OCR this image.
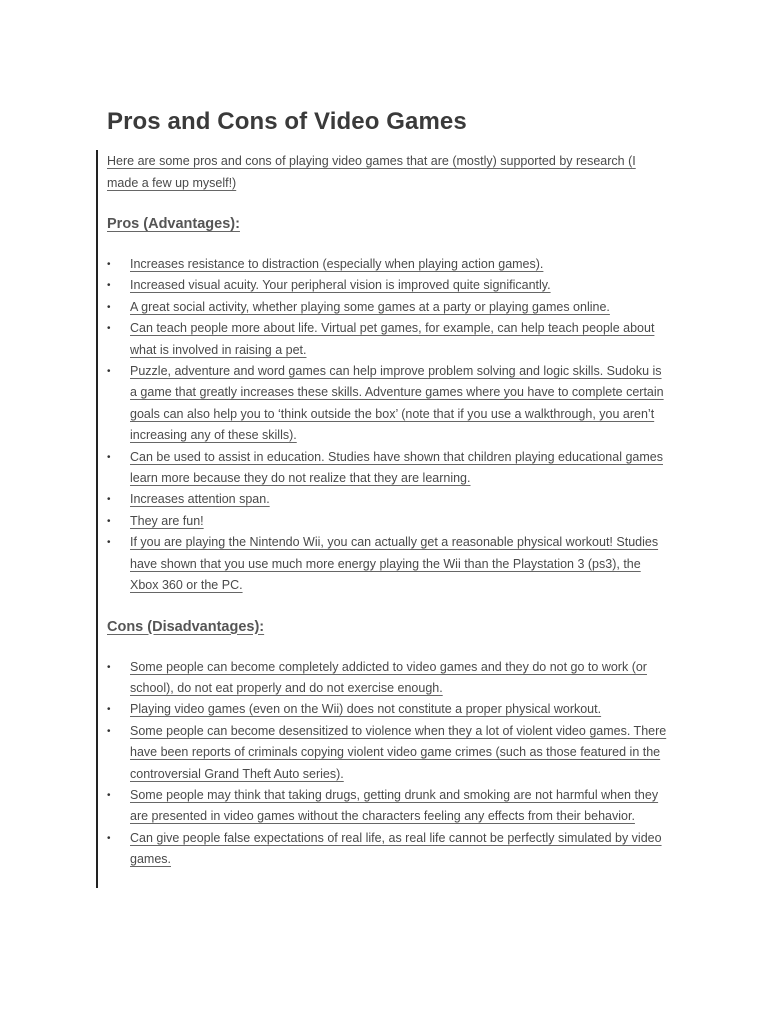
Pros and Cons of Video Games

Here are some pros and cons of playing video games that are (mostly) supported by research (I made a few up myself!)

Pros (Advantages):
• Increases resistance to distraction (especially when playing action games).
• Increased visual acuity. Your peripheral vision is improved quite significantly.
• A great social activity, whether playing some games at a party or playing games online.
• Can teach people more about life. Virtual pet games, for example, can help teach people about what is involved in raising a pet.
• Puzzle, adventure and word games can help improve problem solving and logic skills. Sudoku is a game that greatly increases these skills. Adventure games where you have to complete certain goals can also help you to ‘think outside the box’ (note that if you use a walkthrough, you aren’t increasing any of these skills).
• Can be used to assist in education. Studies have shown that children playing educational games learn more because they do not realize that they are learning.
• Increases attention span.
• They are fun!
• If you are playing the Nintendo Wii, you can actually get a reasonable physical workout! Studies have shown that you use much more energy playing the Wii than the Playstation 3 (ps3), the Xbox 360 or the PC.
Cons (Disadvantages):
• Some people can become completely addicted to video games and they do not go to work (or school), do not eat properly and do not exercise enough.
• Playing video games (even on the Wii) does not constitute a proper physical workout.
• Some people can become desensitized to violence when they a lot of violent video games. There have been reports of criminals copying violent video game crimes (such as those featured in the controversial Grand Theft Auto series).
• Some people may think that taking drugs, getting drunk and smoking are not harmful when they are presented in video games without the characters feeling any effects from their behavior.
• Can give people false expectations of real life, as real life cannot be perfectly simulated by video games.
